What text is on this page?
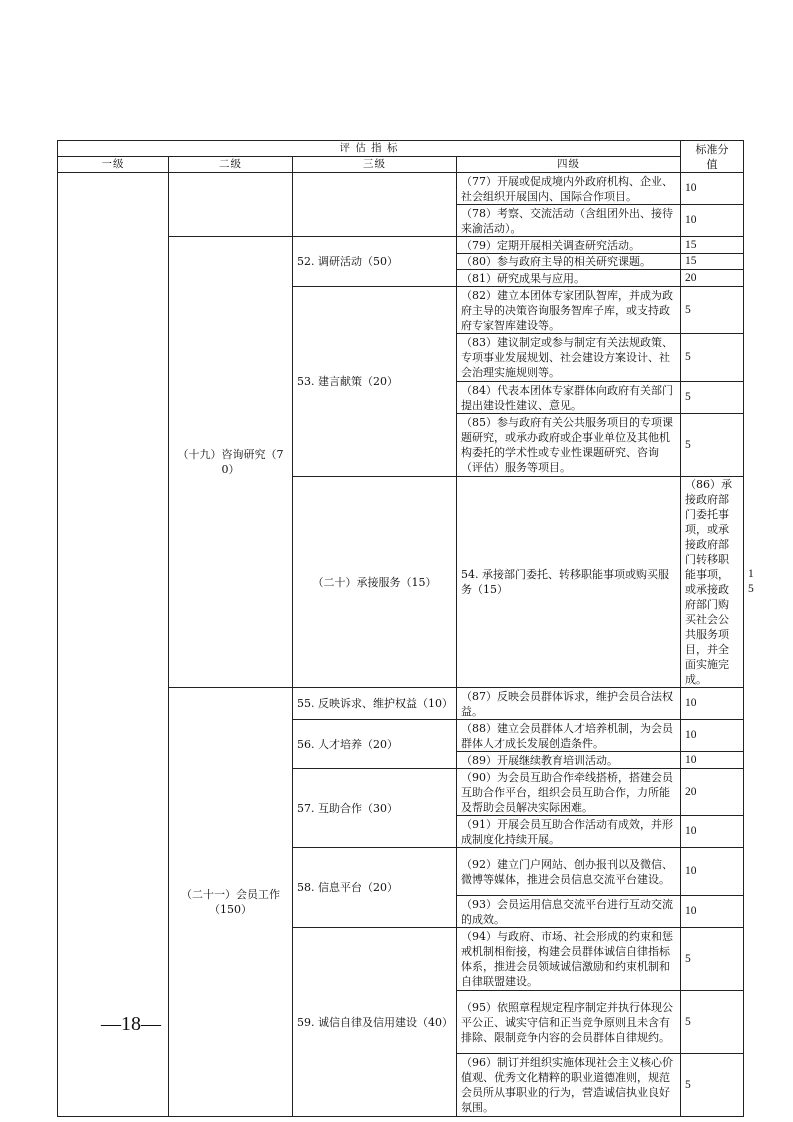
评 估 指 标				标准分值	
一级	二级	三级	四级		
			（77）开展或促成境内外政府机构、企业、社会组织开展国内、国际合作项目。	10	
			（78）考察、交流活动（含组团外出、接待来渝活动）。	10	
	（十九）咨询研究（70）	52. 调研活动（50）	（79）定期开展相关调查研究活动。	15	
			（80）参与政府主导的相关研究课题。	15	
			（81）研究成果与应用。	20	
		53. 建言献策（20）	（82）建立本团体专家团队智库，并成为政府主导的决策咨询服务智库子库，或支持政府专家智库建设等。	5	
			（83）建议制定或参与制定有关法规政策、专项事业发展规划、社会建设方案设计、社会治理实施规则等。	5	
			（84）代表本团体专家群体向政府有关部门提出建设性建议、意见。	5	
			（85）参与政府有关公共服务项目的专项课题研究，或承办政府或企事业单位及其他机构委托的学术性或专业性课题研究、咨询（评估）服务等项目。	5	
		（二十）承接服务（15）	54. 承接部门委托、转移职能事项或购买服务（15）	（86）承接政府部门委托事项，或承接政府部门转移职能事项，或承接政府部门购买社会公共服务项目，并全面实施完成。	15
	（二十一）会员工作（150）	55. 反映诉求、维护权益（10）	（87）反映会员群体诉求，维护会员合法权益。	10	
		56. 人才培养（20）	（88）建立会员群体人才培养机制，为会员群体人才成长发展创造条件。	10	
			（89）开展继续教育培训活动。	10	
		57. 互助合作（30）	（90）为会员互助合作牵线搭桥，搭建会员互助合作平台，组织会员互助合作，力所能及帮助会员解决实际困难。	20	
			（91）开展会员互助合作活动有成效，并形成制度化持续开展。	10	
		58. 信息平台（20）	（92）建立门户网站、创办报刊以及微信、微博等媒体，推进会员信息交流平台建设。	10	
			（93）会员运用信息交流平台进行互动交流的成效。	10	
		59. 诚信自律及信用建设（40）	（94）与政府、市场、社会形成的约束和惩戒机制相衔接，构建会员群体诚信自律指标体系，推进会员领域诚信激励和约束机制和自律联盟建设。	5	
			（95）依照章程规定程序制定并执行体现公平公正、诚实守信和正当竞争原则且未含有排除、限制竞争内容的会员群体自律规约。	5	
			（96）制订并组织实施体现社会主义核心价值观、优秀文化精粹的职业道德准则，规范会员所从事职业的行为，营造诚信执业良好氛围。	5	
—18—
